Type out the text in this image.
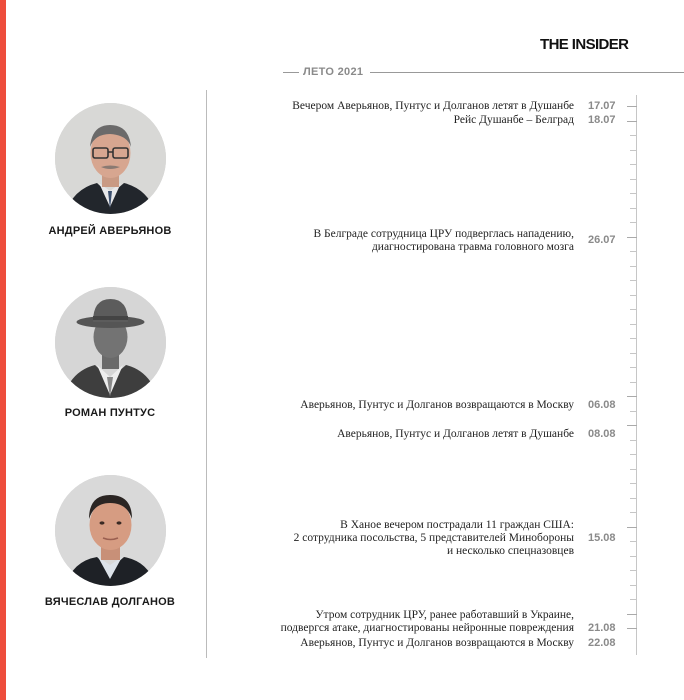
THE INSIDER
ЛЕТО 2021
АНДРЕЙ АВЕРЬЯНОВ
РОМАН ПУНТУС
ВЯЧЕСЛАВ ДОЛГАНОВ
Вечером Аверьянов, Пунтус и Долганов летят в Душанбе 17.07
Рейс Душанбе – Белград 18.07
В Белграде сотрудница ЦРУ подверглась нападению,
диагностирована травма головного мозга
26.07
Аверьянов, Пунтус и Долганов возвращаются в Москву 06.08
Аверьянов, Пунтус и Долганов летят в Душанбе 08.08
В Ханое вечером пострадали 11 граждан США:
2 сотрудника посольства, 5 представителей Минобороны
и несколько спецназовцев
15.08
Утром сотрудник ЦРУ, ранее работавший в Украине,
подвергся атаке, диагностированы нейронные повреждения 21.08
Аверьянов, Пунтус и Долганов возвращаются в Москву 22.08
